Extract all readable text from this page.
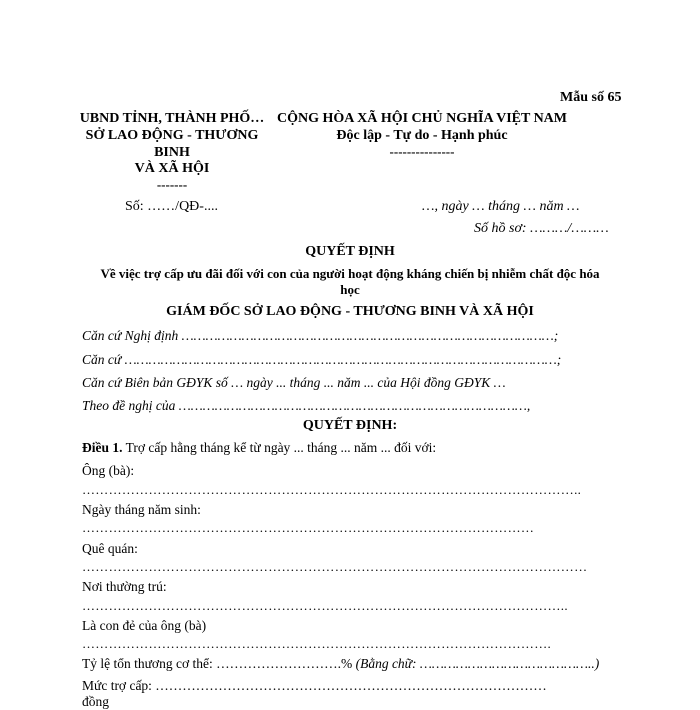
Mẫu số 65
UBND TỈNH, THÀNH PHỐ…
SỞ LAO ĐỘNG - THƯƠNG
BINH
VÀ XÃ HỘI
-------
CỘNG HÒA XÃ HỘI CHỦ NGHĨA VIỆT NAM
Độc lập - Tự do - Hạnh phúc
---------------
Số: ……/QĐ-....	…, ngày … tháng … năm …
Số hồ sơ: ………/………
QUYẾT ĐỊNH
Về việc trợ cấp ưu đãi đối với con của người hoạt động kháng chiến bị nhiễm chất độc hóa
học
GIÁM ĐỐC SỞ LAO ĐỘNG - THƯƠNG BINH VÀ XÃ HỘI
Căn cứ Nghị định …………………………………………………………………………………;
Căn cứ ………………………………………………………………………………………………;
Căn cứ Biên bản GĐYK số … ngày ... tháng ... năm ... của Hội đồng GĐYK …
Theo đề nghị của ……………………………………………………………………………,
QUYẾT ĐỊNH:
Điều 1. Trợ cấp hằng tháng kể từ ngày ... tháng ... năm ... đối với:
Ông (bà):
…………………………………………………………………………………………………..
Ngày tháng năm sinh:
…………………………………………………………………………………………
Quê quán:
……………………………………………………………………………………………………
Nơi thường trú:
………………………………………………………………………………………………..
Là con đẻ của ông (bà)
…………………………………………………………………………………………….
Tỷ lệ tổn thương cơ thể: ……………………….% (Bằng chữ: ……………………………………..)
Mức trợ cấp: ……………………………………………………………………………
đồng
